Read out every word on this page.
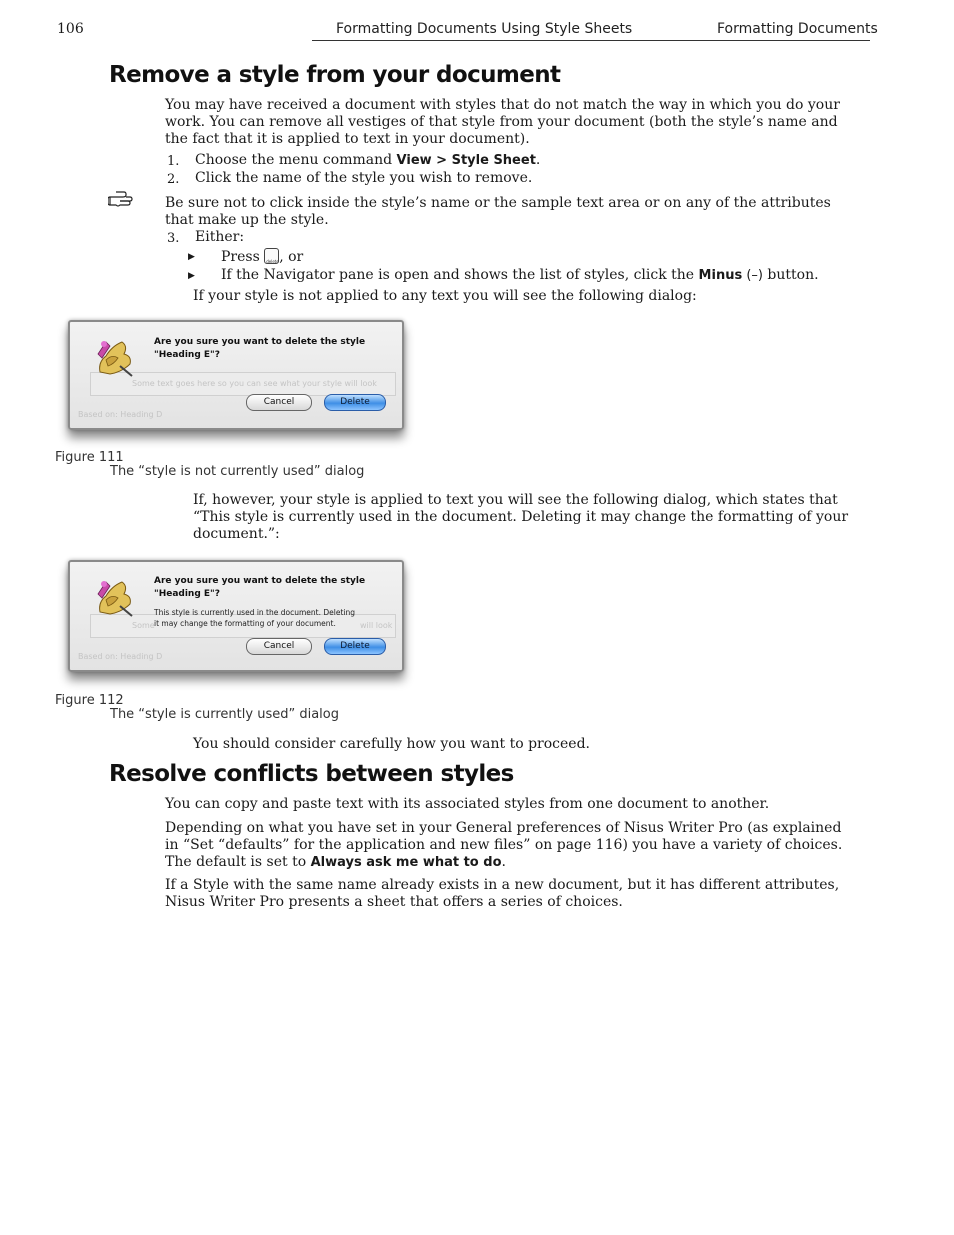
106	Formatting Documents Using Style Sheets	Formatting Documents
Remove a style from your document
You may have received a document with styles that do not match the way in which you do your work. You can remove all vestiges of that style from your document (both the style’s name and the fact that it is applied to text in your document).
1. Choose the menu command View > Style Sheet.
2. Click the name of the style you wish to remove.
Be sure not to click inside the style’s name or the sample text area or on any of the attributes that make up the style.
3. Either:
▶ Press delete , or
▶ If the Navigator pane is open and shows the list of styles, click the Minus (–) button.
If your style is not applied to any text you will see the following dialog:
Some text goes here so you can see what your style will look
Based on: Heading D
Are you sure you want to delete the style
"Heading E"?
Cancel	Delete
Figure 111
The “style is not currently used” dialog
If, however, your style is applied to text you will see the following dialog, which states that “This style is currently used in the document. Deleting it may change the formatting of your document.”:
Some	will look
Based on: Heading D
Are you sure you want to delete the style
"Heading E"?
This style is currently used in the document. Deleting
it may change the formatting of your document.
Cancel	Delete
Figure 112
The “style is currently used” dialog
You should consider carefully how you want to proceed.
Resolve conflicts between styles
You can copy and paste text with its associated styles from one document to another.
Depending on what you have set in your General preferences of Nisus Writer Pro (as explained in “Set “defaults” for the application and new files” on page 116) you have a variety of choices. The default is set to Always ask me what to do.
If a Style with the same name already exists in a new document, but it has different attributes, Nisus Writer Pro presents a sheet that offers a series of choices.
